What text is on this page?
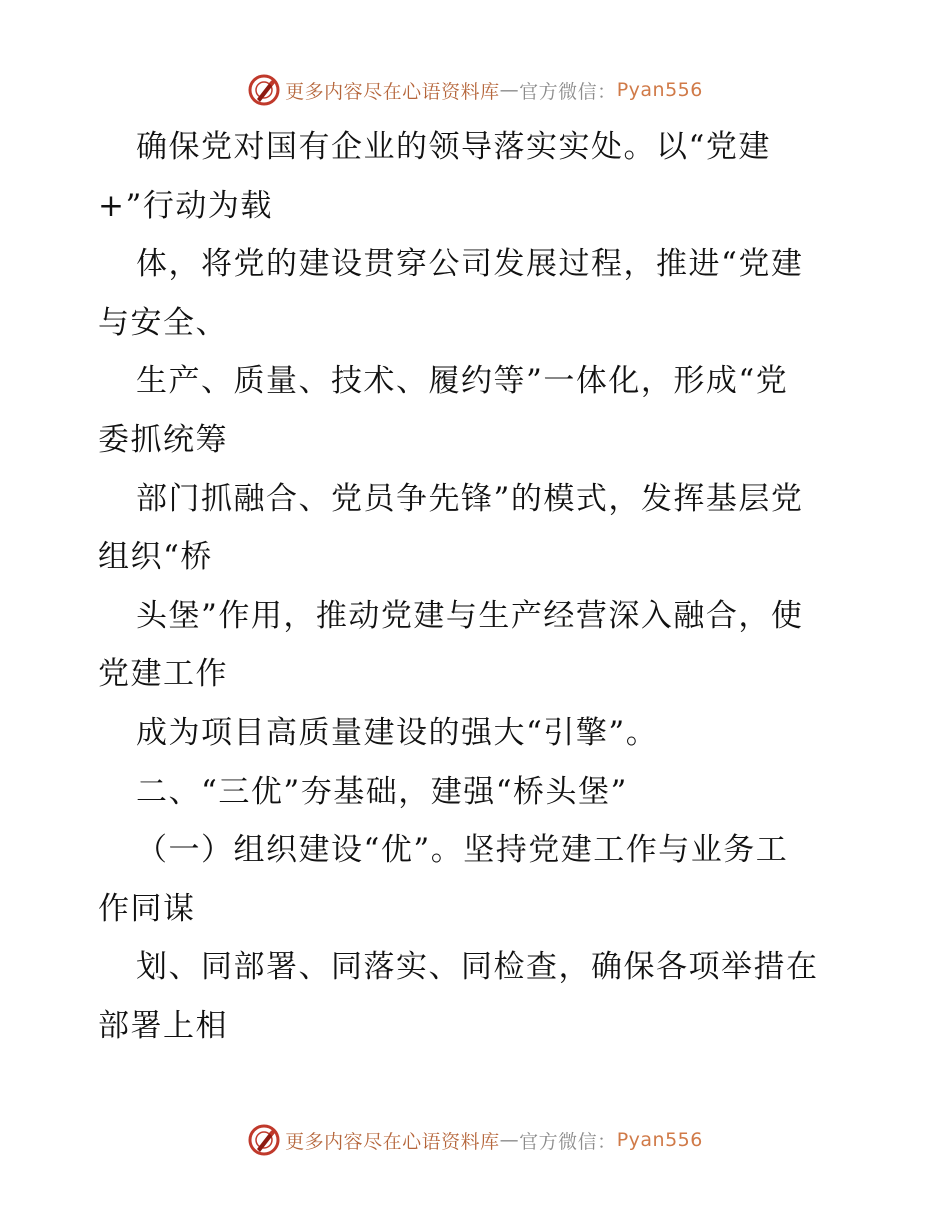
更多内容尽在心语资料库 — 官方微信： Pyan556
确保党对国有企业的领导落实实处。以“党建
+”行动为载
体，将党的建设贯穿公司发展过程，推进“党建
与安全、
生产、质量、技术、履约等”一体化，形成“党
委抓统筹
部门抓融合、党员争先锋”的模式，发挥基层党
组织“桥
头堡”作用，推动党建与生产经营深入融合，使
党建工作
成为项目高质量建设的强大“引擎”。
二、“三优”夯基础，建强“桥头堡”
（一）组织建设“优”。坚持党建工作与业务工
作同谋
划、同部署、同落实、同检查，确保各项举措在
部署上相
更多内容尽在心语资料库 — 官方微信： Pyan556
